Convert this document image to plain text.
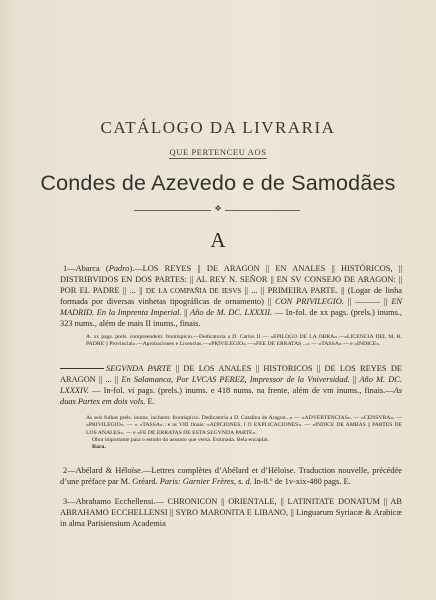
CATÁLOGO DA LIVRARIA
QUE PERTENCEU AOS
Condes de Azevedo e de Samodães
❖
A
1—Abarca (Padro).—LOS REYES || DE ARAGON || EN ANALES || HISTÓRICOS, || DISTRIBVIDOS EN DOS PARTES: || AL REY N. SEÑOR || EN SV CONSEJO DE ARAGON: || POR EL PADRE || ... || DE LA COMPAÑIA DE IESVS || ... || PRIMEIRA PARTE. || (Logar de linha formada por diversas vinhetas tipográficas de ornamento) || CON PRIVILEGIO. || ——— || EN MADRID. En la Imprenta Imperial. || Año de M. DC. LXXXII. — In-fol. de xx pags. (prels.) inums., 323 nums., além de mais II inums., finais.
A. xx pags. prels. compreendem: frontispicio.—Dedicatoria a D. Carlos II — «EPILOGO DE LA OBRA».—«LICENCIA DEL M. R. PADRE || Provincial».—Aprobaciones e Licencias.—«PRIVILEGIO».—«FEE DE ERRATAS ...» — «TASSA».— e «INDICE».
SEGVNDA PARTE || DE LOS ANALES || HISTORICOS || DE LOS REYES DE ARAGON || ... || En Salamanca, Por LVCAS PEREZ, Impressor de la Vniversidad. || Año M. DC. LXXXIV. — In-fol. vi pags. (prels.) inums. e 418 nums. na frente, além de vm inums., finais.—As duas Partes em dois vols. E.
As seis folhas prels. inums. incluem: frontispicio. Dedicatoria a D. Catalina de Aragon...» — «ADVERTENCIAS». — «CENSVRA». — «PRIVILEGIO». — « «TASSA».: e as VIII finais: «ADICIONES, I O EXPLICACIONES». — «INDICE DE AMBAS || PARTES DE LOS ANALES». — e «FE DE ERRATAS DE ESTA SEGVNDA PARTE».
Obra importante para o estudo do assunto que versa. Estimada. Bela encaplar.
Rara.
2—Abélard & Héloïse.—Lettres complètes d’Abélard et d’Héloïse. Traduction nouvelle, précédée d’une préface par M. Gréard. Paris: Garnier Frères, s. d. In-8.º de 1v-xix-480 pags. E.
3—Abrahamo Ecchellensi.— CHRONICON || ORIENTALE, || LATINITATE DONATUM || AB ABRAHAMO ECCHELLENSI || SYRO MARONITA E LIBANO, || Linguarum Syriacæ & Arabicæ in alma Parisiensium Academia
